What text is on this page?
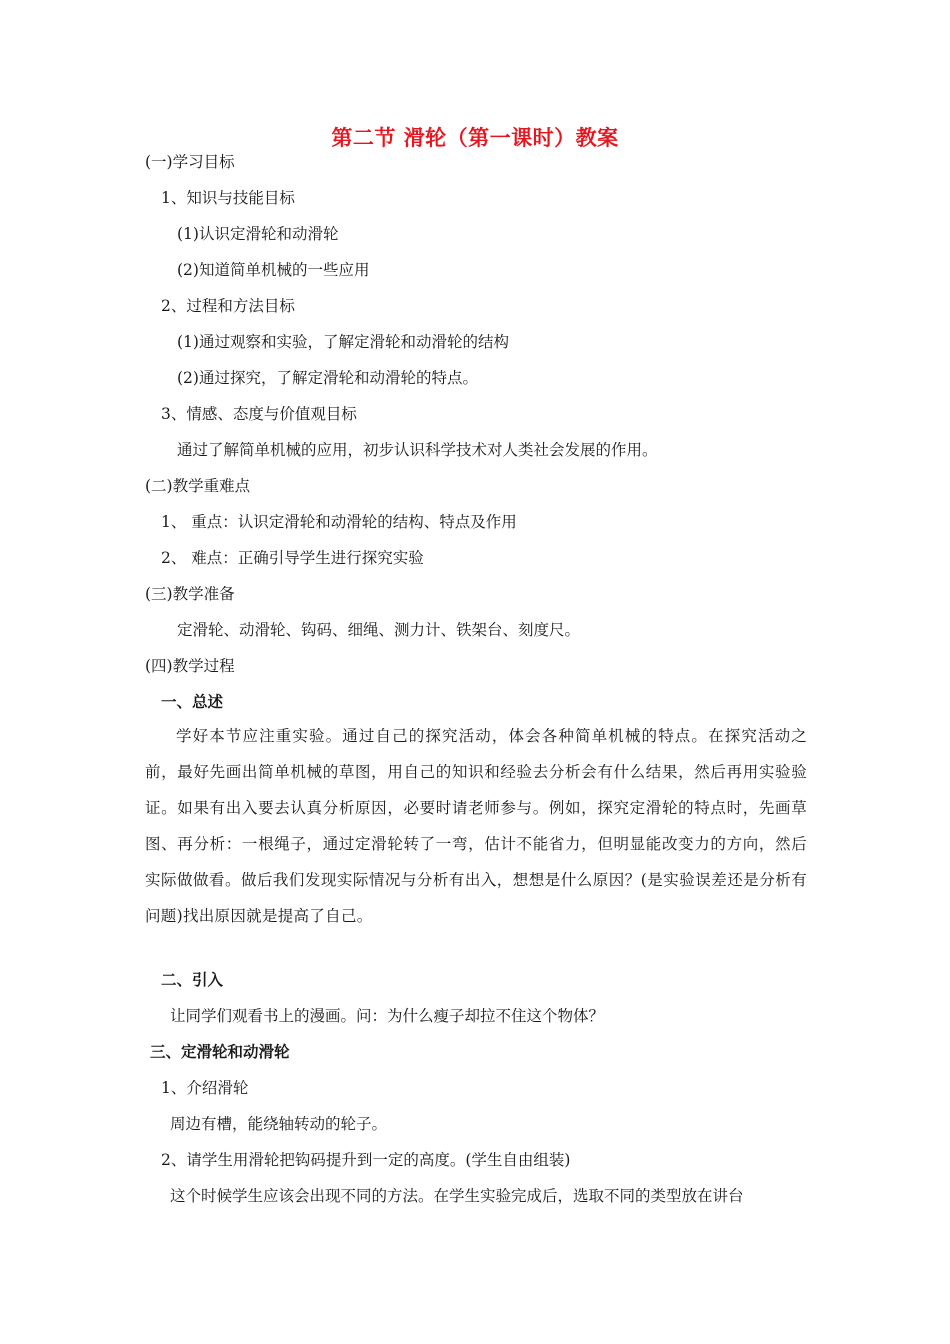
第二节 滑轮（第一课时）教案
(一)学习目标
1、知识与技能目标
(1)认识定滑轮和动滑轮
(2)知道简单机械的一些应用
2、过程和方法目标
(1)通过观察和实验，了解定滑轮和动滑轮的结构
(2)通过探究，了解定滑轮和动滑轮的特点。
3、情感、态度与价值观目标
通过了解简单机械的应用，初步认识科学技术对人类社会发展的作用。
(二)教学重难点
1、 重点：认识定滑轮和动滑轮的结构、特点及作用
2、 难点：正确引导学生进行探究实验
(三)教学准备
定滑轮、动滑轮、钩码、细绳、测力计、铁架台、刻度尺。
(四)教学过程
一、总述
学好本节应注重实验。通过自己的探究活动，体会各种简单机械的特点。在探究活动之前，最好先画出简单机械的草图，用自己的知识和经验去分析会有什么结果，然后再用实验验证。如果有出入要去认真分析原因，必要时请老师参与。例如，探究定滑轮的特点时，先画草图、再分析：一根绳子，通过定滑轮转了一弯，估计不能省力，但明显能改变力的方向，然后实际做做看。做后我们发现实际情况与分析有出入，想想是什么原因？(是实验误差还是分析有问题)找出原因就是提高了自己。
二、引入
让同学们观看书上的漫画。问：为什么瘦子却拉不住这个物体？
三、定滑轮和动滑轮
1、介绍滑轮
周边有槽，能绕轴转动的轮子。
2、请学生用滑轮把钩码提升到一定的高度。(学生自由组装)
这个时候学生应该会出现不同的方法。在学生实验完成后，选取不同的类型放在讲台
